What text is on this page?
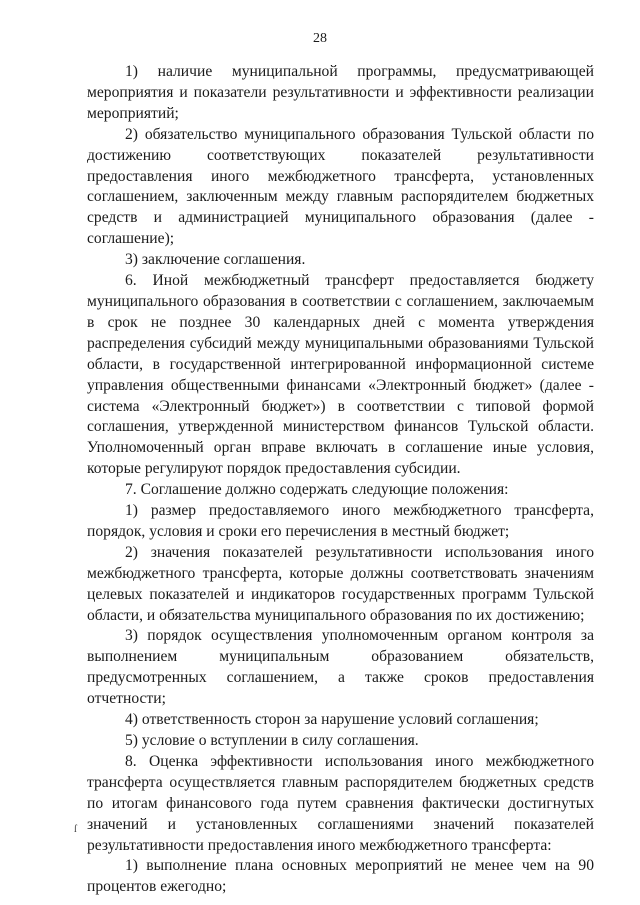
28

1) наличие муниципальной программы, предусматривающей мероприятия и показатели результативности и эффективности реализации мероприятий;

2) обязательство муниципального образования Тульской области по достижению соответствующих показателей результативности предоставления иного межбюджетного трансферта, установленных соглашением, заключенным между главным распорядителем бюджетных средств и администрацией муниципального образования (далее - соглашение);

3) заключение соглашения.

6. Иной межбюджетный трансферт предоставляется бюджету муниципального образования в соответствии с соглашением, заключаемым в срок не позднее 30 календарных дней с момента утверждения распределения субсидий между муниципальными образованиями Тульской области, в государственной интегрированной информационной системе управления общественными финансами «Электронный бюджет» (далее - система «Электронный бюджет») в соответствии с типовой формой соглашения, утвержденной министерством финансов Тульской области. Уполномоченный орган вправе включать в соглашение иные условия, которые регулируют порядок предоставления субсидии.

7. Соглашение должно содержать следующие положения:

1) размер предоставляемого иного межбюджетного трансферта, порядок, условия и сроки его перечисления в местный бюджет;

2) значения показателей результативности использования иного межбюджетного трансферта, которые должны соответствовать значениям целевых показателей и индикаторов государственных программ Тульской области, и обязательства муниципального образования по их достижению;

3) порядок осуществления уполномоченным органом контроля за выполнением муниципальным образованием обязательств, предусмотренных соглашением, а также сроков предоставления отчетности;

4) ответственность сторон за нарушение условий соглашения;

5) условие о вступлении в силу соглашения.

8. Оценка эффективности использования иного межбюджетного трансферта осуществляется главным распорядителем бюджетных средств по итогам финансового года путем сравнения фактически достигнутых значений и установленных соглашениями значений показателей результативности предоставления иного межбюджетного трансферта:

1) выполнение плана основных мероприятий не менее чем на 90 процентов ежегодно;

ſ
